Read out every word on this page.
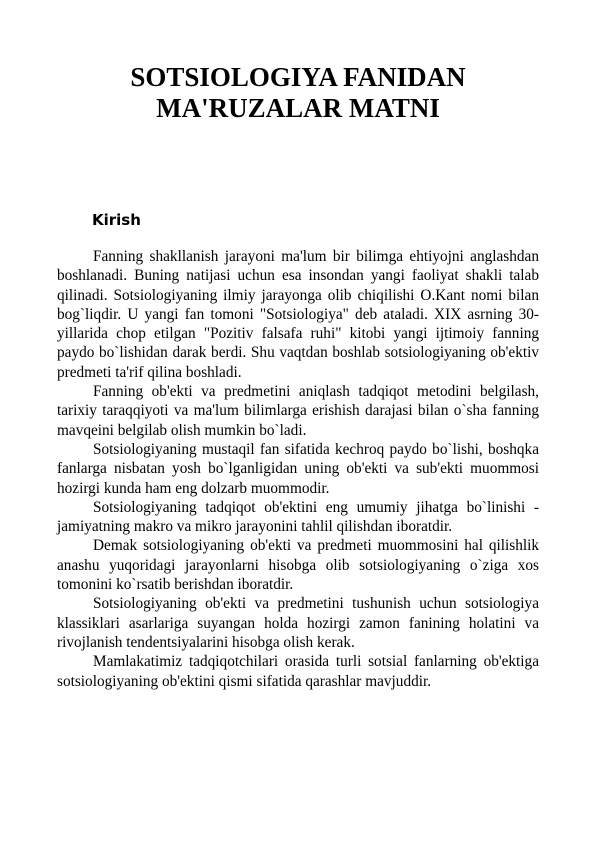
SOTSIOLOGIYA FANIDAN
MA'RUZALAR MATNI
Kirish

Fanning shakllanish jarayoni ma'lum bir bilimga ehtiyojni anglashdan boshlanadi. Buning natijasi uchun esa insondan yangi faoliyat shakli talab qilinadi. Sotsiologiyaning ilmiy jarayonga olib chiqilishi O.Kant nomi bilan bog`liqdir. U yangi fan tomoni "Sotsiologiya" deb ataladi. XIX asrning 30-yillarida chop etilgan "Pozitiv falsafa ruhi" kitobi yangi ijtimoiy fanning paydo bo`lishidan darak berdi. Shu vaqtdan boshlab sotsiologiyaning ob'ektiv predmeti ta'rif qilina boshladi.

Fanning ob'ekti va predmetini aniqlash tadqiqot metodini belgilash, tarixiy taraqqiyoti va ma'lum bilimlarga erishish darajasi bilan o`sha fanning mavqeini belgilab olish mumkin bo`ladi.

Sotsiologiyaning mustaqil fan sifatida kechroq paydo bo`lishi, boshqka fanlarga nisbatan yosh bo`lganligidan uning ob'ekti va sub'ekti muommosi hozirgi kunda ham eng dolzarb muommodir.

Sotsiologiyaning tadqiqot ob'ektini eng umumiy jihatga bo`linishi - jamiyatning makro va mikro jarayonini tahlil qilishdan iboratdir.

Demak sotsiologiyaning ob'ekti va predmeti muommosini hal qilishlik anashu yuqoridagi jarayonlarni hisobga olib sotsiologiyaning o`ziga xos tomonini ko`rsatib berishdan iboratdir.

Sotsiologiyaning ob'ekti va predmetini tushunish uchun sotsiologiya klassiklari asarlariga suyangan holda hozirgi zamon fanining holatini va rivojlanish tendentsiyalarini hisobga olish kerak.

Mamlakatimiz tadqiqotchilari orasida turli sotsial fanlarning ob'ektiga sotsiologiyaning ob'ektini qismi sifatida qarashlar mavjuddir.
